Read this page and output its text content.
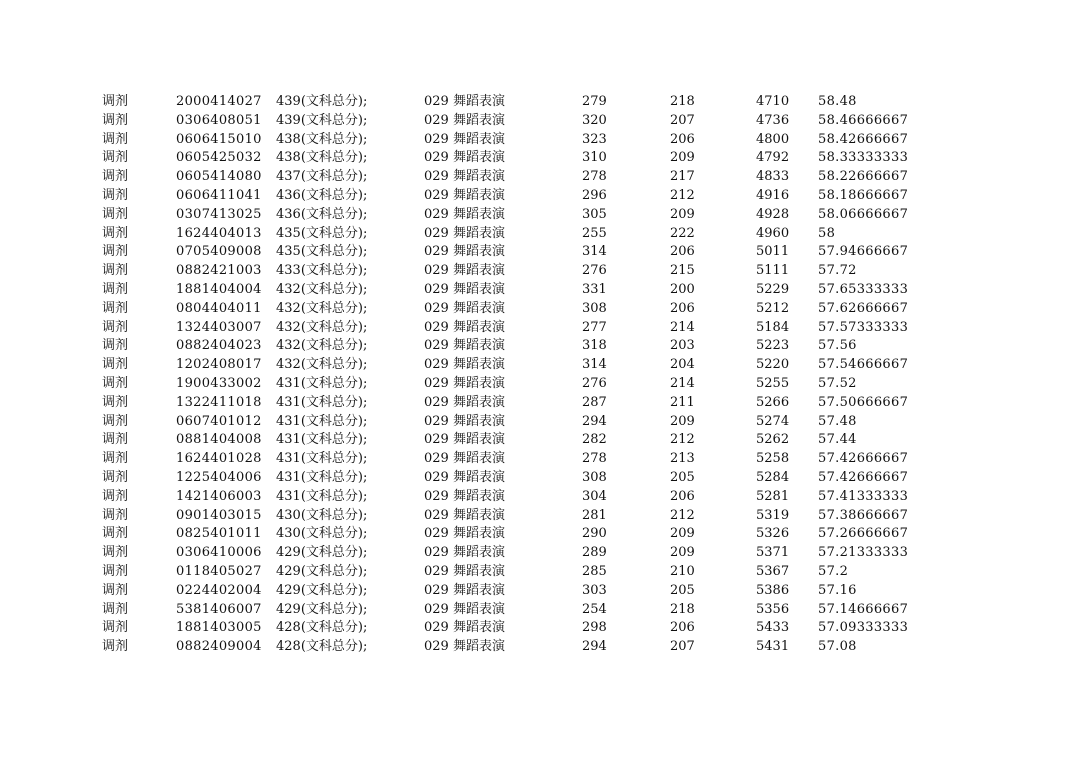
调剂	2000414027 439(文科总分);	029 舞蹈表演	279	218	4710 58.48
调剂	0306408051 439(文科总分);	029 舞蹈表演	320	207	4736 58.46666667
调剂	0606415010 438(文科总分);	029 舞蹈表演	323	206	4800 58.42666667
调剂	0605425032 438(文科总分);	029 舞蹈表演	310	209	4792 58.33333333
调剂	0605414080 437(文科总分);	029 舞蹈表演	278	217	4833 58.22666667
调剂	0606411041 436(文科总分);	029 舞蹈表演	296	212	4916 58.18666667
调剂	0307413025 436(文科总分);	029 舞蹈表演	305	209	4928 58.06666667
调剂	1624404013 435(文科总分);	029 舞蹈表演	255	222	4960 58
调剂	0705409008 435(文科总分);	029 舞蹈表演	314	206	5011 57.94666667
调剂	0882421003 433(文科总分);	029 舞蹈表演	276	215	5111 57.72
调剂	1881404004 432(文科总分);	029 舞蹈表演	331	200	5229 57.65333333
调剂	0804404011 432(文科总分);	029 舞蹈表演	308	206	5212 57.62666667
调剂	1324403007 432(文科总分);	029 舞蹈表演	277	214	5184 57.57333333
调剂	0882404023 432(文科总分);	029 舞蹈表演	318	203	5223 57.56
调剂	1202408017 432(文科总分);	029 舞蹈表演	314	204	5220 57.54666667
调剂	1900433002 431(文科总分);	029 舞蹈表演	276	214	5255 57.52
调剂	1322411018 431(文科总分);	029 舞蹈表演	287	211	5266 57.50666667
调剂	0607401012 431(文科总分);	029 舞蹈表演	294	209	5274 57.48
调剂	0881404008 431(文科总分);	029 舞蹈表演	282	212	5262 57.44
调剂	1624401028 431(文科总分);	029 舞蹈表演	278	213	5258 57.42666667
调剂	1225404006 431(文科总分);	029 舞蹈表演	308	205	5284 57.42666667
调剂	1421406003 431(文科总分);	029 舞蹈表演	304	206	5281 57.41333333
调剂	0901403015 430(文科总分);	029 舞蹈表演	281	212	5319 57.38666667
调剂	0825401011 430(文科总分);	029 舞蹈表演	290	209	5326 57.26666667
调剂	0306410006 429(文科总分);	029 舞蹈表演	289	209	5371 57.21333333
调剂	0118405027 429(文科总分);	029 舞蹈表演	285	210	5367 57.2
调剂	0224402004 429(文科总分);	029 舞蹈表演	303	205	5386 57.16
调剂	5381406007 429(文科总分);	029 舞蹈表演	254	218	5356 57.14666667
调剂	1881403005 428(文科总分);	029 舞蹈表演	298	206	5433 57.09333333
调剂	0882409004 428(文科总分);	029 舞蹈表演	294	207	5431 57.08
